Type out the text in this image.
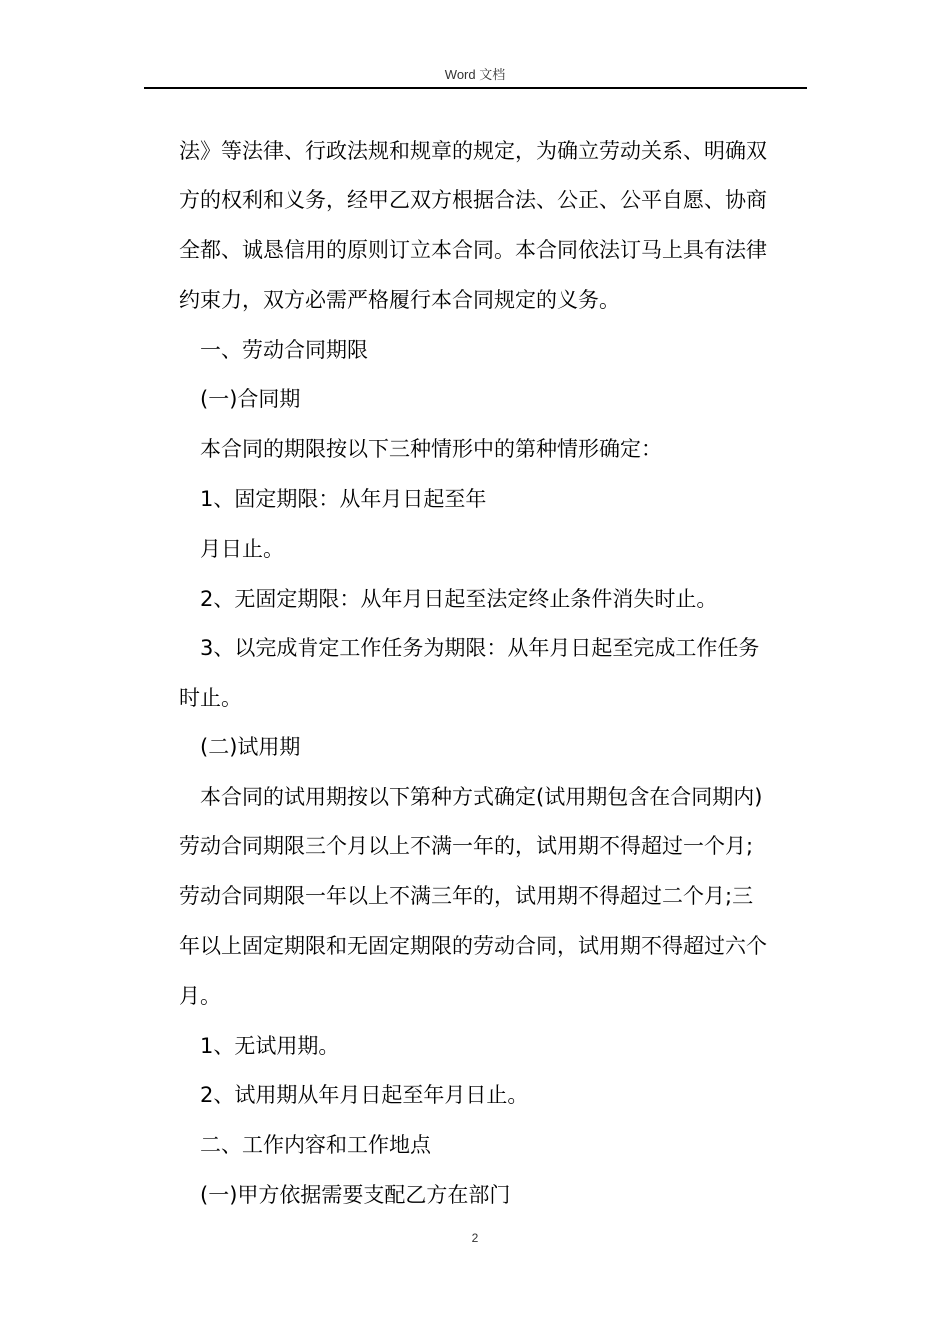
Word 文档
法》等法律、行政法规和规章的规定，为确立劳动关系、明确双
方的权利和义务，经甲乙双方根据合法、公正、公平自愿、协商
全都、诚恳信用的原则订立本合同。本合同依法订马上具有法律
约束力，双方必需严格履行本合同规定的义务。
一、劳动合同期限
(一)合同期
本合同的期限按以下三种情形中的第种情形确定：
1、固定期限：从年月日起至年
月日止。
2、无固定期限：从年月日起至法定终止条件消失时止。
3、以完成肯定工作任务为期限：从年月日起至完成工作任务
时止。
(二)试用期
本合同的试用期按以下第种方式确定(试用期包含在合同期内)
劳动合同期限三个月以上不满一年的，试用期不得超过一个月;
劳动合同期限一年以上不满三年的，试用期不得超过二个月;三
年以上固定期限和无固定期限的劳动合同，试用期不得超过六个
月。
1、无试用期。
2、试用期从年月日起至年月日止。
二、工作内容和工作地点
(一)甲方依据需要支配乙方在部门
2
